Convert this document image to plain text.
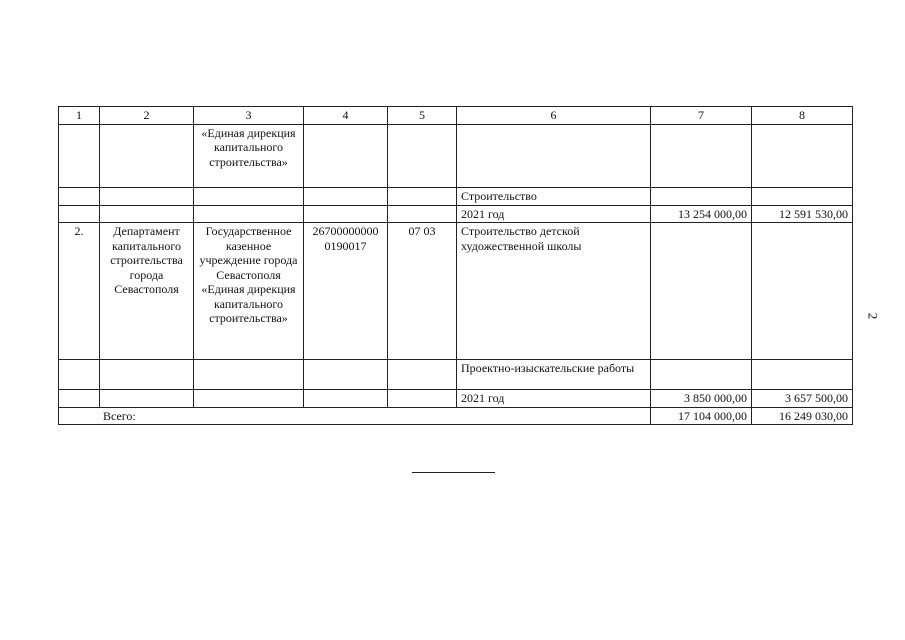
1	2	3	4	5	6	7	8
		«Единая дирекция капитального строительства»					
					Строительство		
					2021 год	13 254 000,00	12 591 530,00
2.	Департамент капитального строительства города Севастополя	Государственное казенное учреждение города Севастополя «Единая дирекция капитального строительства»	26700000000 0190017	07 03	Строительство детской художественной школы		
					Проектно-изыскательские работы		
					2021 год	3 850 000,00	3 657 500,00
Всего:						17 104 000,00	16 249 030,00
2
